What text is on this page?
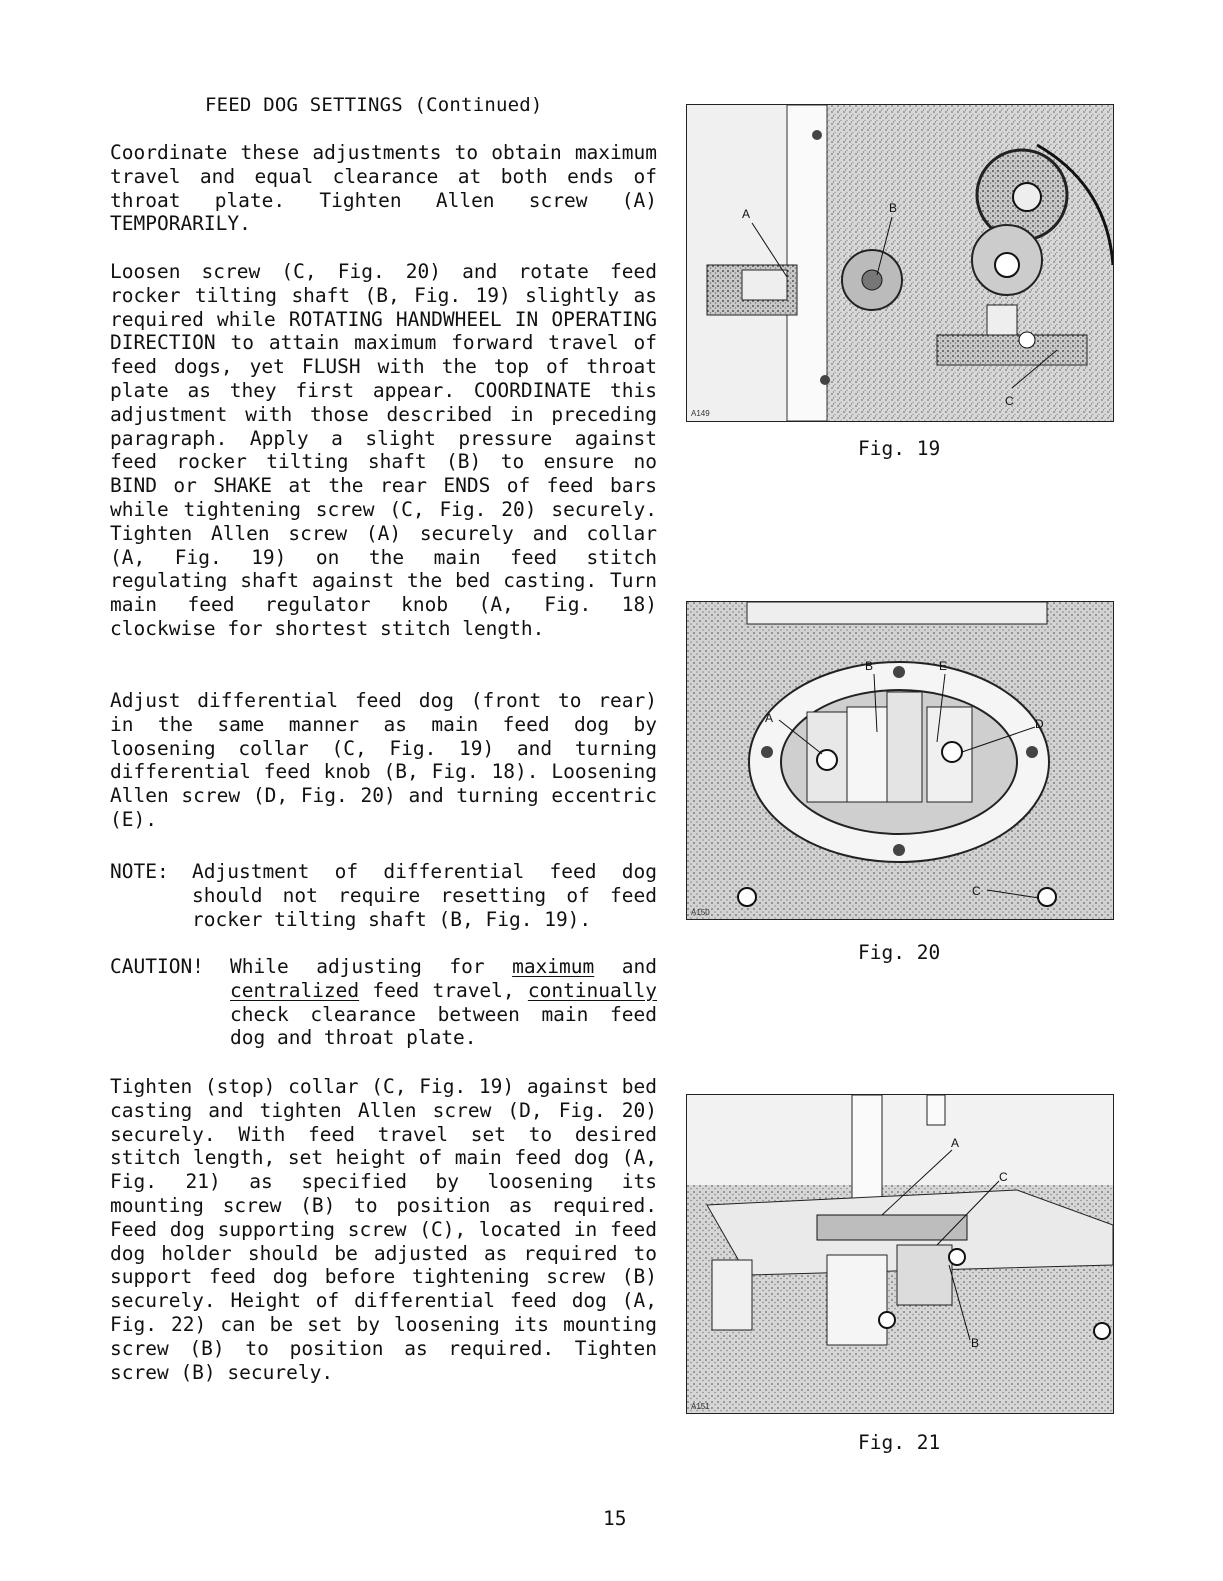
FEED DOG SETTINGS (Continued)
Coordinate these adjustments to obtain maximum travel and equal clearance at both ends of throat plate. Tighten Allen screw (A) TEMPORARILY.
Loosen screw (C, Fig. 20) and rotate feed rocker tilting shaft (B, Fig. 19) slightly as required while ROTATING HANDWHEEL IN OPERATING DIRECTION to attain maximum forward travel of feed dogs, yet FLUSH with the top of throat plate as they first appear. COORDINATE this adjustment with those described in preceding paragraph. Apply a slight pressure against feed rocker tilting shaft (B) to ensure no BIND or SHAKE at the rear ENDS of feed bars while tightening screw (C, Fig. 20) securely. Tighten Allen screw (A) securely and collar (A, Fig. 19) on the main feed stitch regulating shaft against the bed casting. Turn main feed regulator knob (A, Fig. 18) clockwise for shortest stitch length.
Adjust differential feed dog (front to rear) in the same manner as main feed dog by loosening collar (C, Fig. 19) and turning differential feed knob (B, Fig. 18). Loosening Allen screw (D, Fig. 20) and turning eccentric (E).
NOTE:	Adjustment of differential feed dog should not require resetting of feed rocker tilting shaft (B, Fig. 19).
CAUTION!	While adjusting for maximum and centralized feed travel, continually check clearance between main feed dog and throat plate.
Tighten (stop) collar (C, Fig. 19) against bed casting and tighten Allen screw (D, Fig. 20) securely. With feed travel set to desired stitch length, set height of main feed dog (A, Fig. 21) as specified by loosening its mounting screw (B) to position as required. Feed dog supporting screw (C), located in feed dog holder should be adjusted as required to support feed dog before tightening screw (B) securely. Height of differential feed dog (A, Fig. 22) can be set by loosening its mounting screw (B) to position as required. Tighten screw (B) securely.
A	B
C
A149
Fig. 19
A
B
C
D
E
A150
Fig. 20
A
B
C
A151
Fig. 21
15
